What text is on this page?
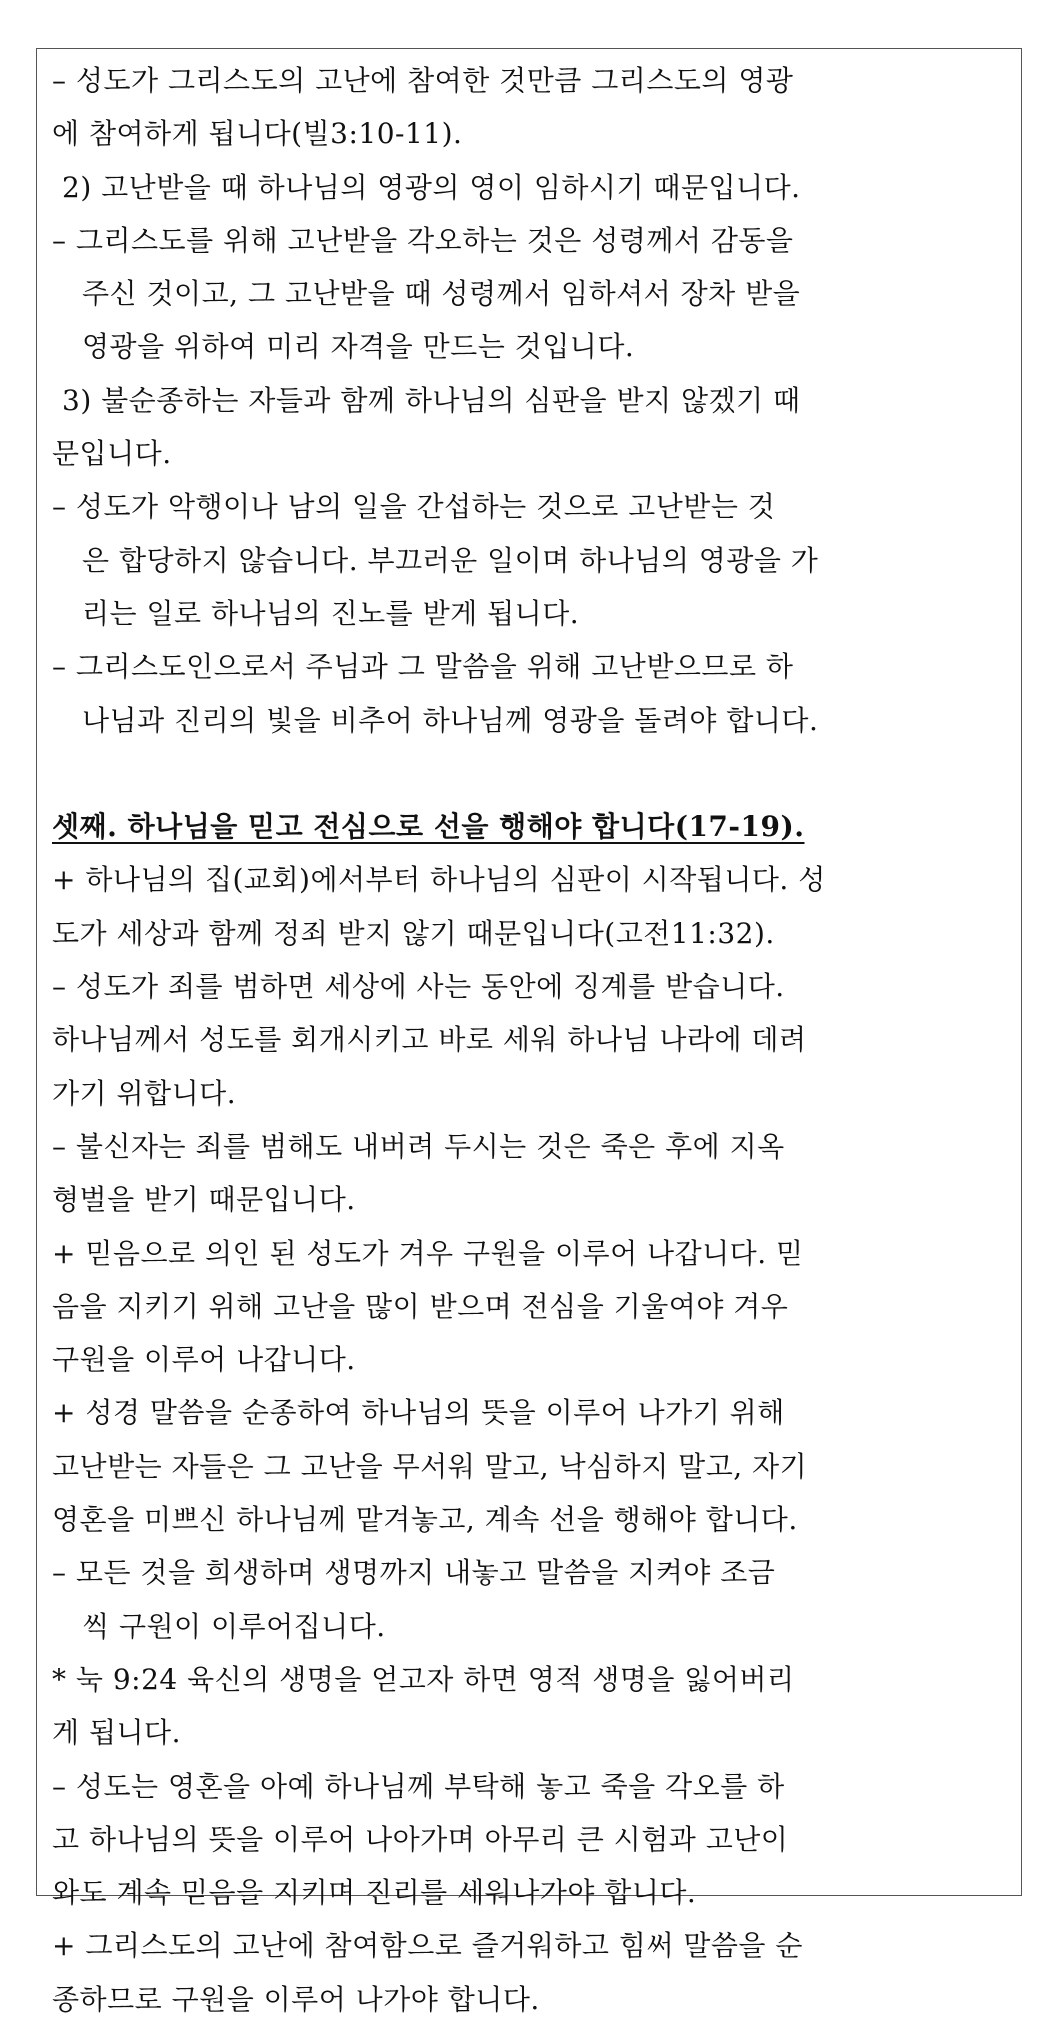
– 성도가 그리스도의 고난에 참여한 것만큼 그리스도의 영광
에 참여하게 됩니다(빌3:10-11).
2) 고난받을 때 하나님의 영광의 영이 임하시기 때문입니다.
– 그리스도를 위해 고난받을 각오하는 것은 성령께서 감동을
주신 것이고, 그 고난받을 때 성령께서 임하셔서 장차 받을
영광을 위하여 미리 자격을 만드는 것입니다.
3) 불순종하는 자들과 함께 하나님의 심판을 받지 않겠기 때
문입니다.
– 성도가 악행이나 남의 일을 간섭하는 것으로 고난받는 것
은 합당하지 않습니다. 부끄러운 일이며 하나님의 영광을 가
리는 일로 하나님의 진노를 받게 됩니다.
– 그리스도인으로서 주님과 그 말씀을 위해 고난받으므로 하
나님과 진리의 빛을 비추어 하나님께 영광을 돌려야 합니다.
셋째. 하나님을 믿고 전심으로 선을 행해야 합니다(17-19).
+ 하나님의 집(교회)에서부터 하나님의 심판이 시작됩니다. 성
도가 세상과 함께 정죄 받지 않기 때문입니다(고전11:32).
– 성도가 죄를 범하면 세상에 사는 동안에 징계를 받습니다.
하나님께서 성도를 회개시키고 바로 세워 하나님 나라에 데려
가기 위합니다.
– 불신자는 죄를 범해도 내버려 두시는 것은 죽은 후에 지옥
형벌을 받기 때문입니다.
+ 믿음으로 의인 된 성도가 겨우 구원을 이루어 나갑니다. 믿
음을 지키기 위해 고난을 많이 받으며 전심을 기울여야 겨우
구원을 이루어 나갑니다.
+ 성경 말씀을 순종하여 하나님의 뜻을 이루어 나가기 위해
고난받는 자들은 그 고난을 무서워 말고, 낙심하지 말고, 자기
영혼을 미쁘신 하나님께 맡겨놓고, 계속 선을 행해야 합니다.
– 모든 것을 희생하며 생명까지 내놓고 말씀을 지켜야 조금
씩 구원이 이루어집니다.
* 눅 9:24 육신의 생명을 얻고자 하면 영적 생명을 잃어버리
게 됩니다.
– 성도는 영혼을 아예 하나님께 부탁해 놓고 죽을 각오를 하
고 하나님의 뜻을 이루어 나아가며 아무리 큰 시험과 고난이
와도 계속 믿음을 지키며 진리를 세워나가야 합니다.
+ 그리스도의 고난에 참여함으로 즐거워하고 힘써 말씀을 순
종하므로 구원을 이루어 나가야 합니다.
